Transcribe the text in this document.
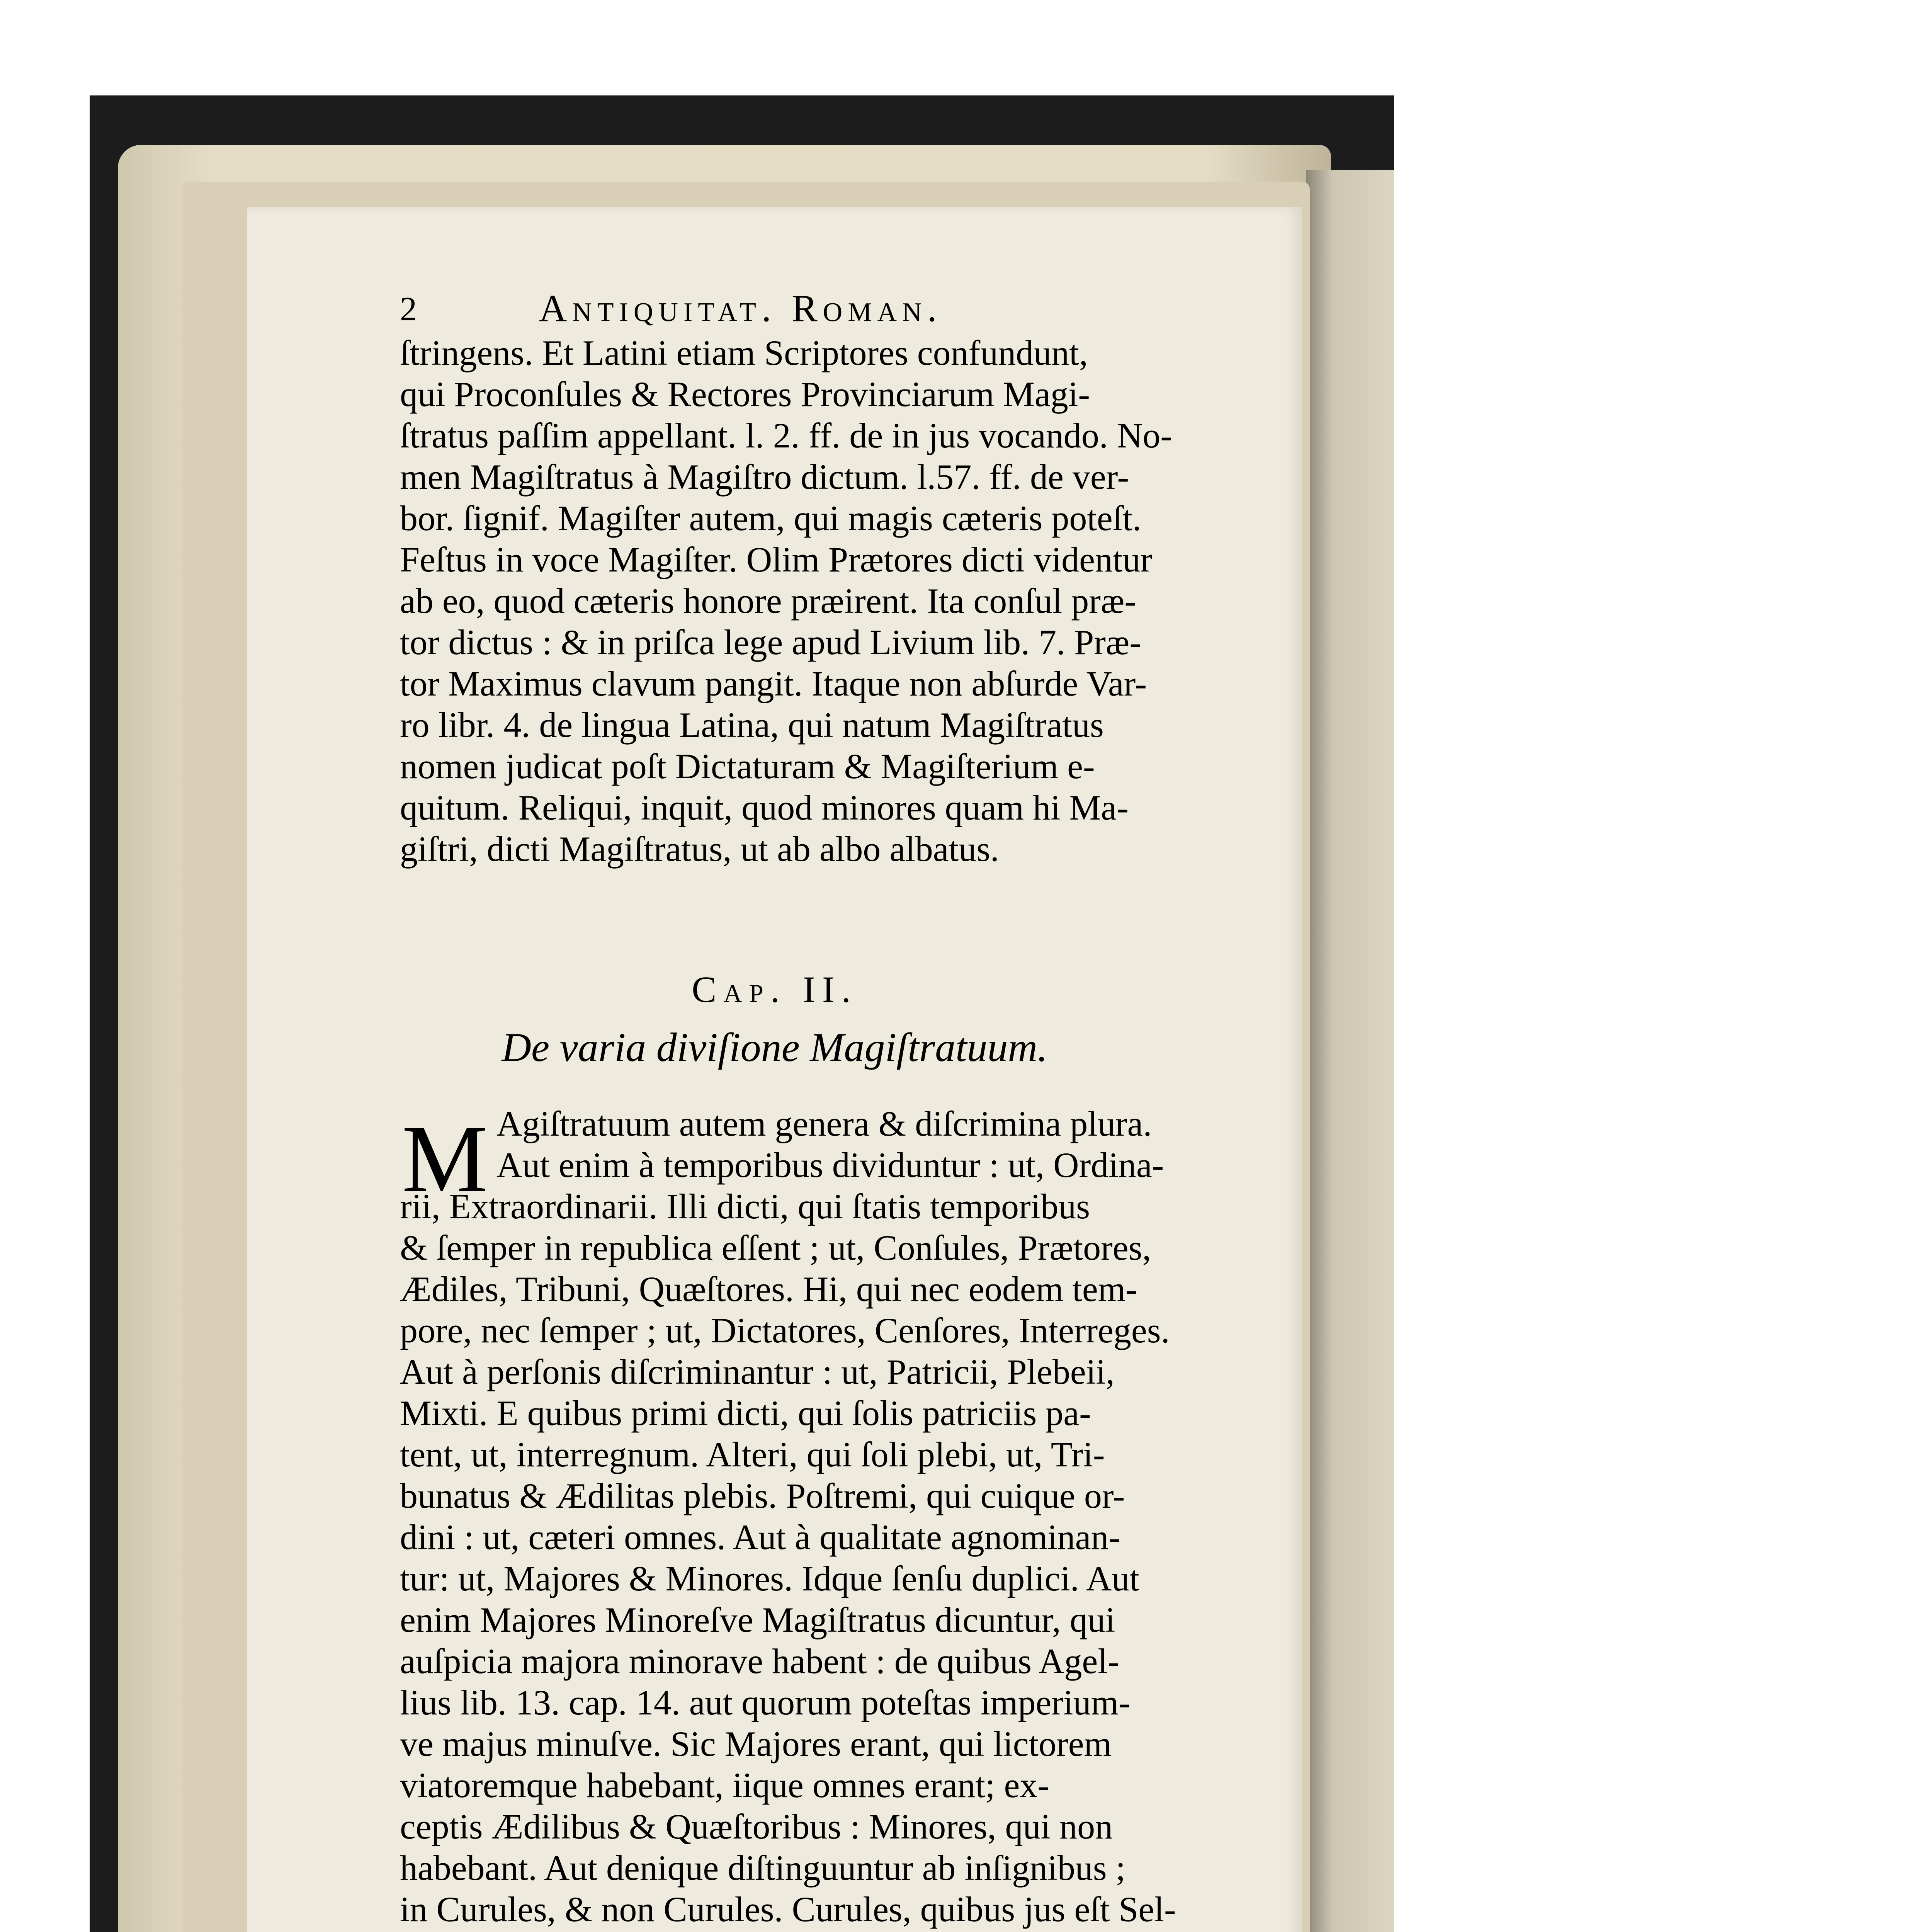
2	Antiquitat. Roman.
ſtringens. Et Latini etiam Scriptores confundunt,
qui Proconſules & Rectores Provinciarum Magi-
ſtratus paſſim appellant. l. 2. ff. de in jus vocando. No-
men Magiſtratus à Magiſtro dictum. l.57. ff. de ver-
bor. ſignif. Magiſter autem, qui magis cæteris poteſt.
Feſtus in voce Magiſter. Olim Prætores dicti videntur
ab eo, quod cæteris honore præirent. Ita conſul præ-
tor dictus : & in priſca lege apud Livium lib. 7. Præ-
tor Maximus clavum pangit. Itaque non abſurde Var-
ro libr. 4. de lingua Latina, qui natum Magiſtratus
nomen judicat poſt Dictaturam & Magiſterium e-
quitum. Reliqui, inquit, quod minores quam hi Ma-
giſtri, dicti Magiſtratus, ut ab albo albatus.
Cap. II.
De varia diviſione Magiſtratuum.
M Agiſtratuum autem genera & diſcrimina plura.
Aut enim à temporibus dividuntur : ut, Ordina-
rii, Extraordinarii. Illi dicti, qui ſtatis temporibus
& ſemper in republica eſſent ; ut, Conſules, Prætores,
Ædiles, Tribuni, Quæſtores. Hi, qui nec eodem tem-
pore, nec ſemper ; ut, Dictatores, Cenſores, Interreges.
Aut à perſonis diſcriminantur : ut, Patricii, Plebeii,
Mixti. E quibus primi dicti, qui ſolis patriciis pa-
tent, ut, interregnum. Alteri, qui ſoli plebi, ut, Tri-
bunatus & Ædilitas plebis. Poſtremi, qui cuique or-
dini : ut, cæteri omnes. Aut à qualitate agnominan-
tur: ut, Majores & Minores. Idque ſenſu duplici. Aut
enim Majores Minoreſve Magiſtratus dicuntur, qui
auſpicia majora minorave habent : de quibus Agel-
lius lib. 13. cap. 14. aut quorum poteſtas imperium-
ve majus minuſve. Sic Majores erant, qui lictorem
viatoremque habebant, iique omnes erant; ex-
ceptis Ædilibus & Quæſtoribus : Minores, qui non
habebant. Aut denique diſtinguuntur ab inſignibus ;
in Curules, & non Curules. Curules, quibus jus eſt Sel-
